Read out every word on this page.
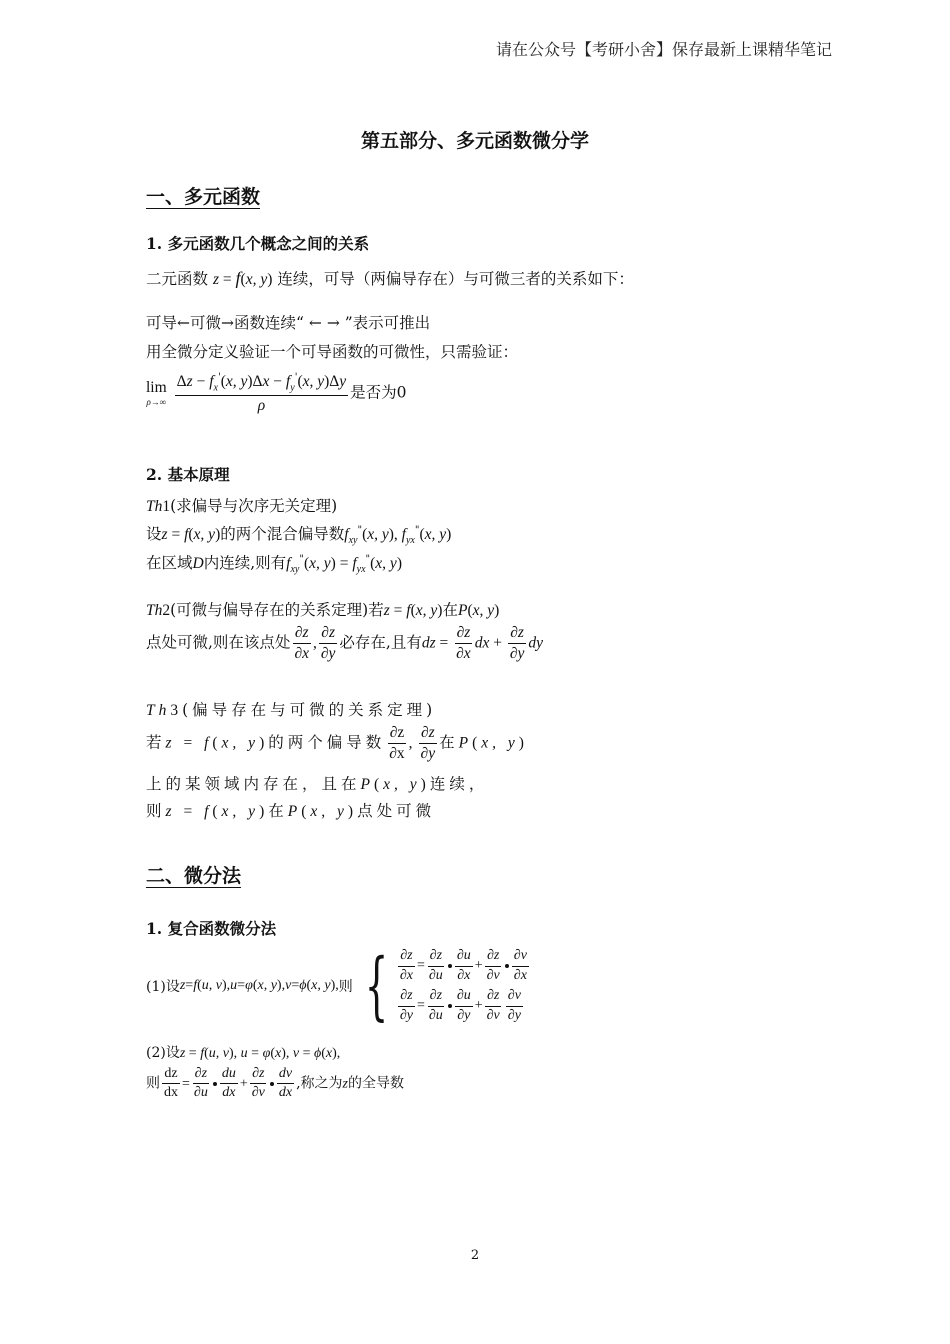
请在公众号【考研小舍】保存最新上课精华笔记
第五部分、多元函数微分学
一、多元函数
1. 多元函数几个概念之间的关系
二元函数 z = f(x, y) 连续，可导（两偏导存在）与可微三者的关系如下：
可导←可微→函数连续“ ← → ”表示可推出
用全微分定义验证一个可导函数的可微性，只需验证：
lim
$\rho\to\infty \frac{\Delta z - f_x'(x, y)\Delta x - f_y'(x, y)\Delta y}{\rho}$ 是否为0
2. 基本原理
Th1(求偏导与次序无关定理)
设z = f(x, y)的两个混合偏导数$f_{xy}^"(x$, y), $f_{yx}^"(x$, y)
在区域D内连续,则有$f_{xy}^"(x$, $y) = f_{yx}^"(x$, y)
Th2(可微与偏导存在的关系定理)若z = f(x, y)在P(x, y)
点处可微,则在该点处 $\frac{\partial z}{\partial x}$ , $\frac{\partial z}{\partial y}$ 必存在,且有dz = $\frac{\partial z}{\partial x}$ dx + $\frac{\partial z}{\partial y}$ dy
Th3(偏导存在与可微的关系定理)
若z = f(x, y)的两个偏导数 $\frac{\partial z}{\partial x}$ , $\frac{\partial z}{\partial y}$ 在P(x, y)
上的某领域内存在，且在P(x, y)连续，
则z = f(x, y)在P(x, y)点处可微
二、微分法
1. 复合函数微分法
(1)设 z = f ( u, v ), u = φ ( x, y ), v = ϕ ( x, y ), 则 { $\frac{\partial z}{\partial x} = \frac{\partial z}{\partial u} \frac{\partial u}{\partial x} + \frac{\partial z}{\partial v} \frac{\partial v}{\partial x}$
$\frac{\partial z}{\partial y} = \frac{\partial z}{\partial u} \frac{\partial u}{\partial y} + \frac{\partial z}{\partial v} \frac{\partial v}{\partial y}$
(2)设z = f(u, v), u = φ(x), v = ϕ(x),
则 $\frac{dz}{dx} = \frac{\partial z}{\partial u} \frac{du}{dx} + \frac{\partial z}{\partial v} \frac{dv}{dx}$ ,称之为z的全导数
2
